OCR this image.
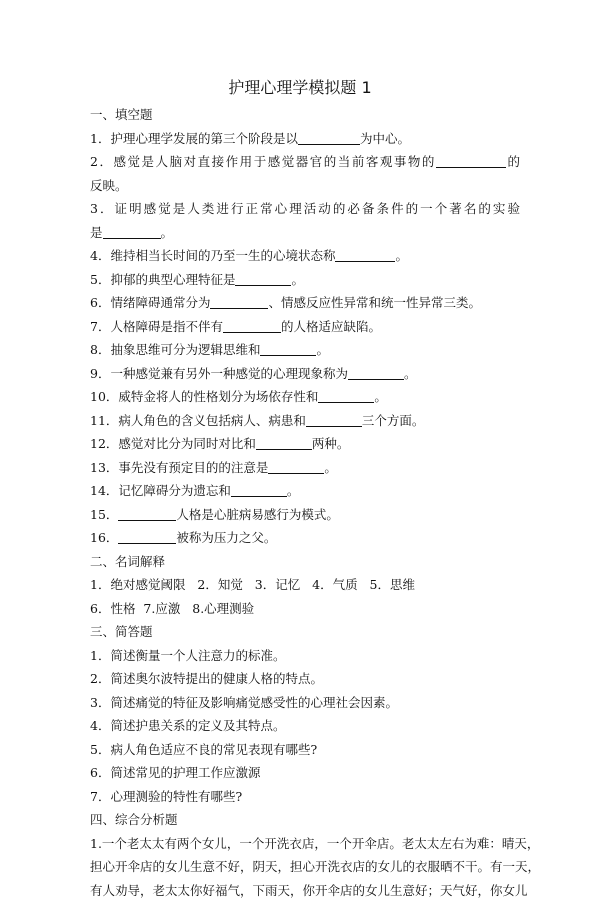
护理心理学模拟题 1
一、填空题
1．护理心理学发展的第三个阶段是以	为中心。
2．感觉是人脑对直接作用于感觉器官的当前客观事物的	的
反映。
3．证明感觉是人类进行正常心理活动的必备条件的一个著名的实验
是	。
4．维持相当长时间的乃至一生的心境状态称	。
5．抑郁的典型心理特征是	。
6．情绪障碍通常分为	、情感反应性异常和统一性异常三类。
7．人格障碍是指不伴有	的人格适应缺陷。
8．抽象思维可分为逻辑思维和	。
9．一种感觉兼有另外一种感觉的心理现象称为	。
10．威特金将人的性格划分为场依存性和	。
11．病人角色的含义包括病人、病患和	三个方面。
12．感觉对比分为同时对比和	两种。
13．事先没有预定目的的注意是	。
14．记忆障碍分为遗忘和	。
15．	人格是心脏病易感行为模式。
16．	被称为压力之父。
二、名词解释
1．绝对感觉阈限   2．知觉   3．记忆   4．气质   5．思维
6．性格  7.应激   8.心理测验
三、简答题
1．简述衡量一个人注意力的标准。
2．简述奥尔波特提出的健康人格的特点。
3．简述痛觉的特征及影响痛觉感受性的心理社会因素。
4．简述护患关系的定义及其特点。
5．病人角色适应不良的常见表现有哪些?
6．简述常见的护理工作应激源
7．心理测验的特性有哪些?
四、综合分析题
1.一个老太太有两个女儿，一个开洗衣店，一个开伞店。老太太左右为难：晴天，
担心开伞店的女儿生意不好，阴天，担心开洗衣店的女儿的衣服晒不干。有一天，
有人劝导，老太太你好福气，下雨天，你开伞店的女儿生意好；天气好，你女儿
